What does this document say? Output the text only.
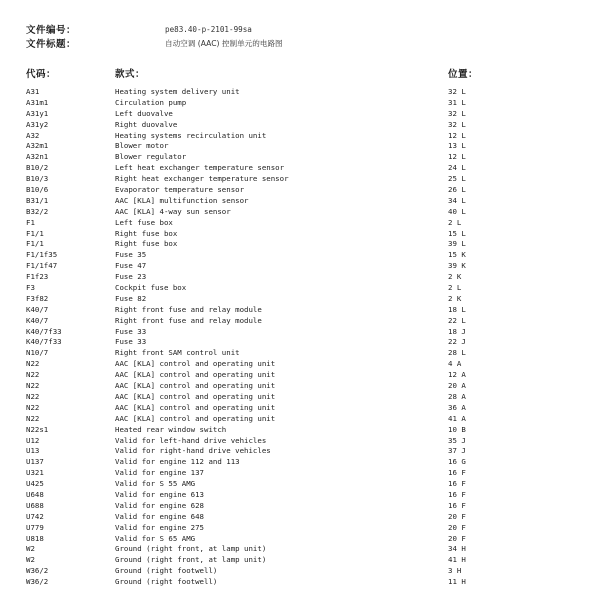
文件编号：	pe83.40-p-2101-99sa
文件标题：	自动空调 (AAC) 控制单元的电路图
代码：	款式：	位置：
A31	Heating system delivery unit	32 L
A31m1	Circulation pump	31 L
A31y1	Left duovalve	32 L
A31y2	Right duovalve	32 L
A32	Heating systems recirculation unit	12 L
A32m1	Blower motor	13 L
A32n1	Blower regulator	12 L
B10/2	Left heat exchanger temperature sensor	24 L
B10/3	Right heat exchanger temperature sensor	25 L
B10/6	Evaporator temperature sensor	26 L
B31/1	AAC [KLA] multifunction sensor	34 L
B32/2	AAC [KLA] 4-way sun sensor	40 L
F1	Left fuse box	2 L
F1/1	Right fuse box	15 L
F1/1	Right fuse box	39 L
F1/1f35	Fuse 35	15 K
F1/1f47	Fuse 47	39 K
F1f23	Fuse 23	2 K
F3	Cockpit fuse box	2 L
F3f82	Fuse 82	2 K
K40/7	Right front fuse and relay module	18 L
K40/7	Right front fuse and relay module	22 L
K40/7f33	Fuse 33	18 J
K40/7f33	Fuse 33	22 J
N10/7	Right front SAM control unit	28 L
N22	AAC [KLA] control and operating unit	4 A
N22	AAC [KLA] control and operating unit	12 A
N22	AAC [KLA] control and operating unit	20 A
N22	AAC [KLA] control and operating unit	28 A
N22	AAC [KLA] control and operating unit	36 A
N22	AAC [KLA] control and operating unit	41 A
N22s1	Heated rear window switch	10 B
U12	Valid for left-hand drive vehicles	35 J
U13	Valid for right-hand drive vehicles	37 J
U137	Valid for engine 112 and 113	16 G
U321	Valid for engine 137	16 F
U425	Valid for S 55 AMG	16 F
U648	Valid for engine 613	16 F
U688	Valid for engine 628	16 F
U742	Valid for engine 648	20 F
U779	Valid for engine 275	20 F
U818	Valid for S 65 AMG	20 F
W2	Ground (right front, at lamp unit)	34 H
W2	Ground (right front, at lamp unit)	41 H
W36/2	Ground (right footwell)	3 H
W36/2	Ground (right footwell)	11 H
